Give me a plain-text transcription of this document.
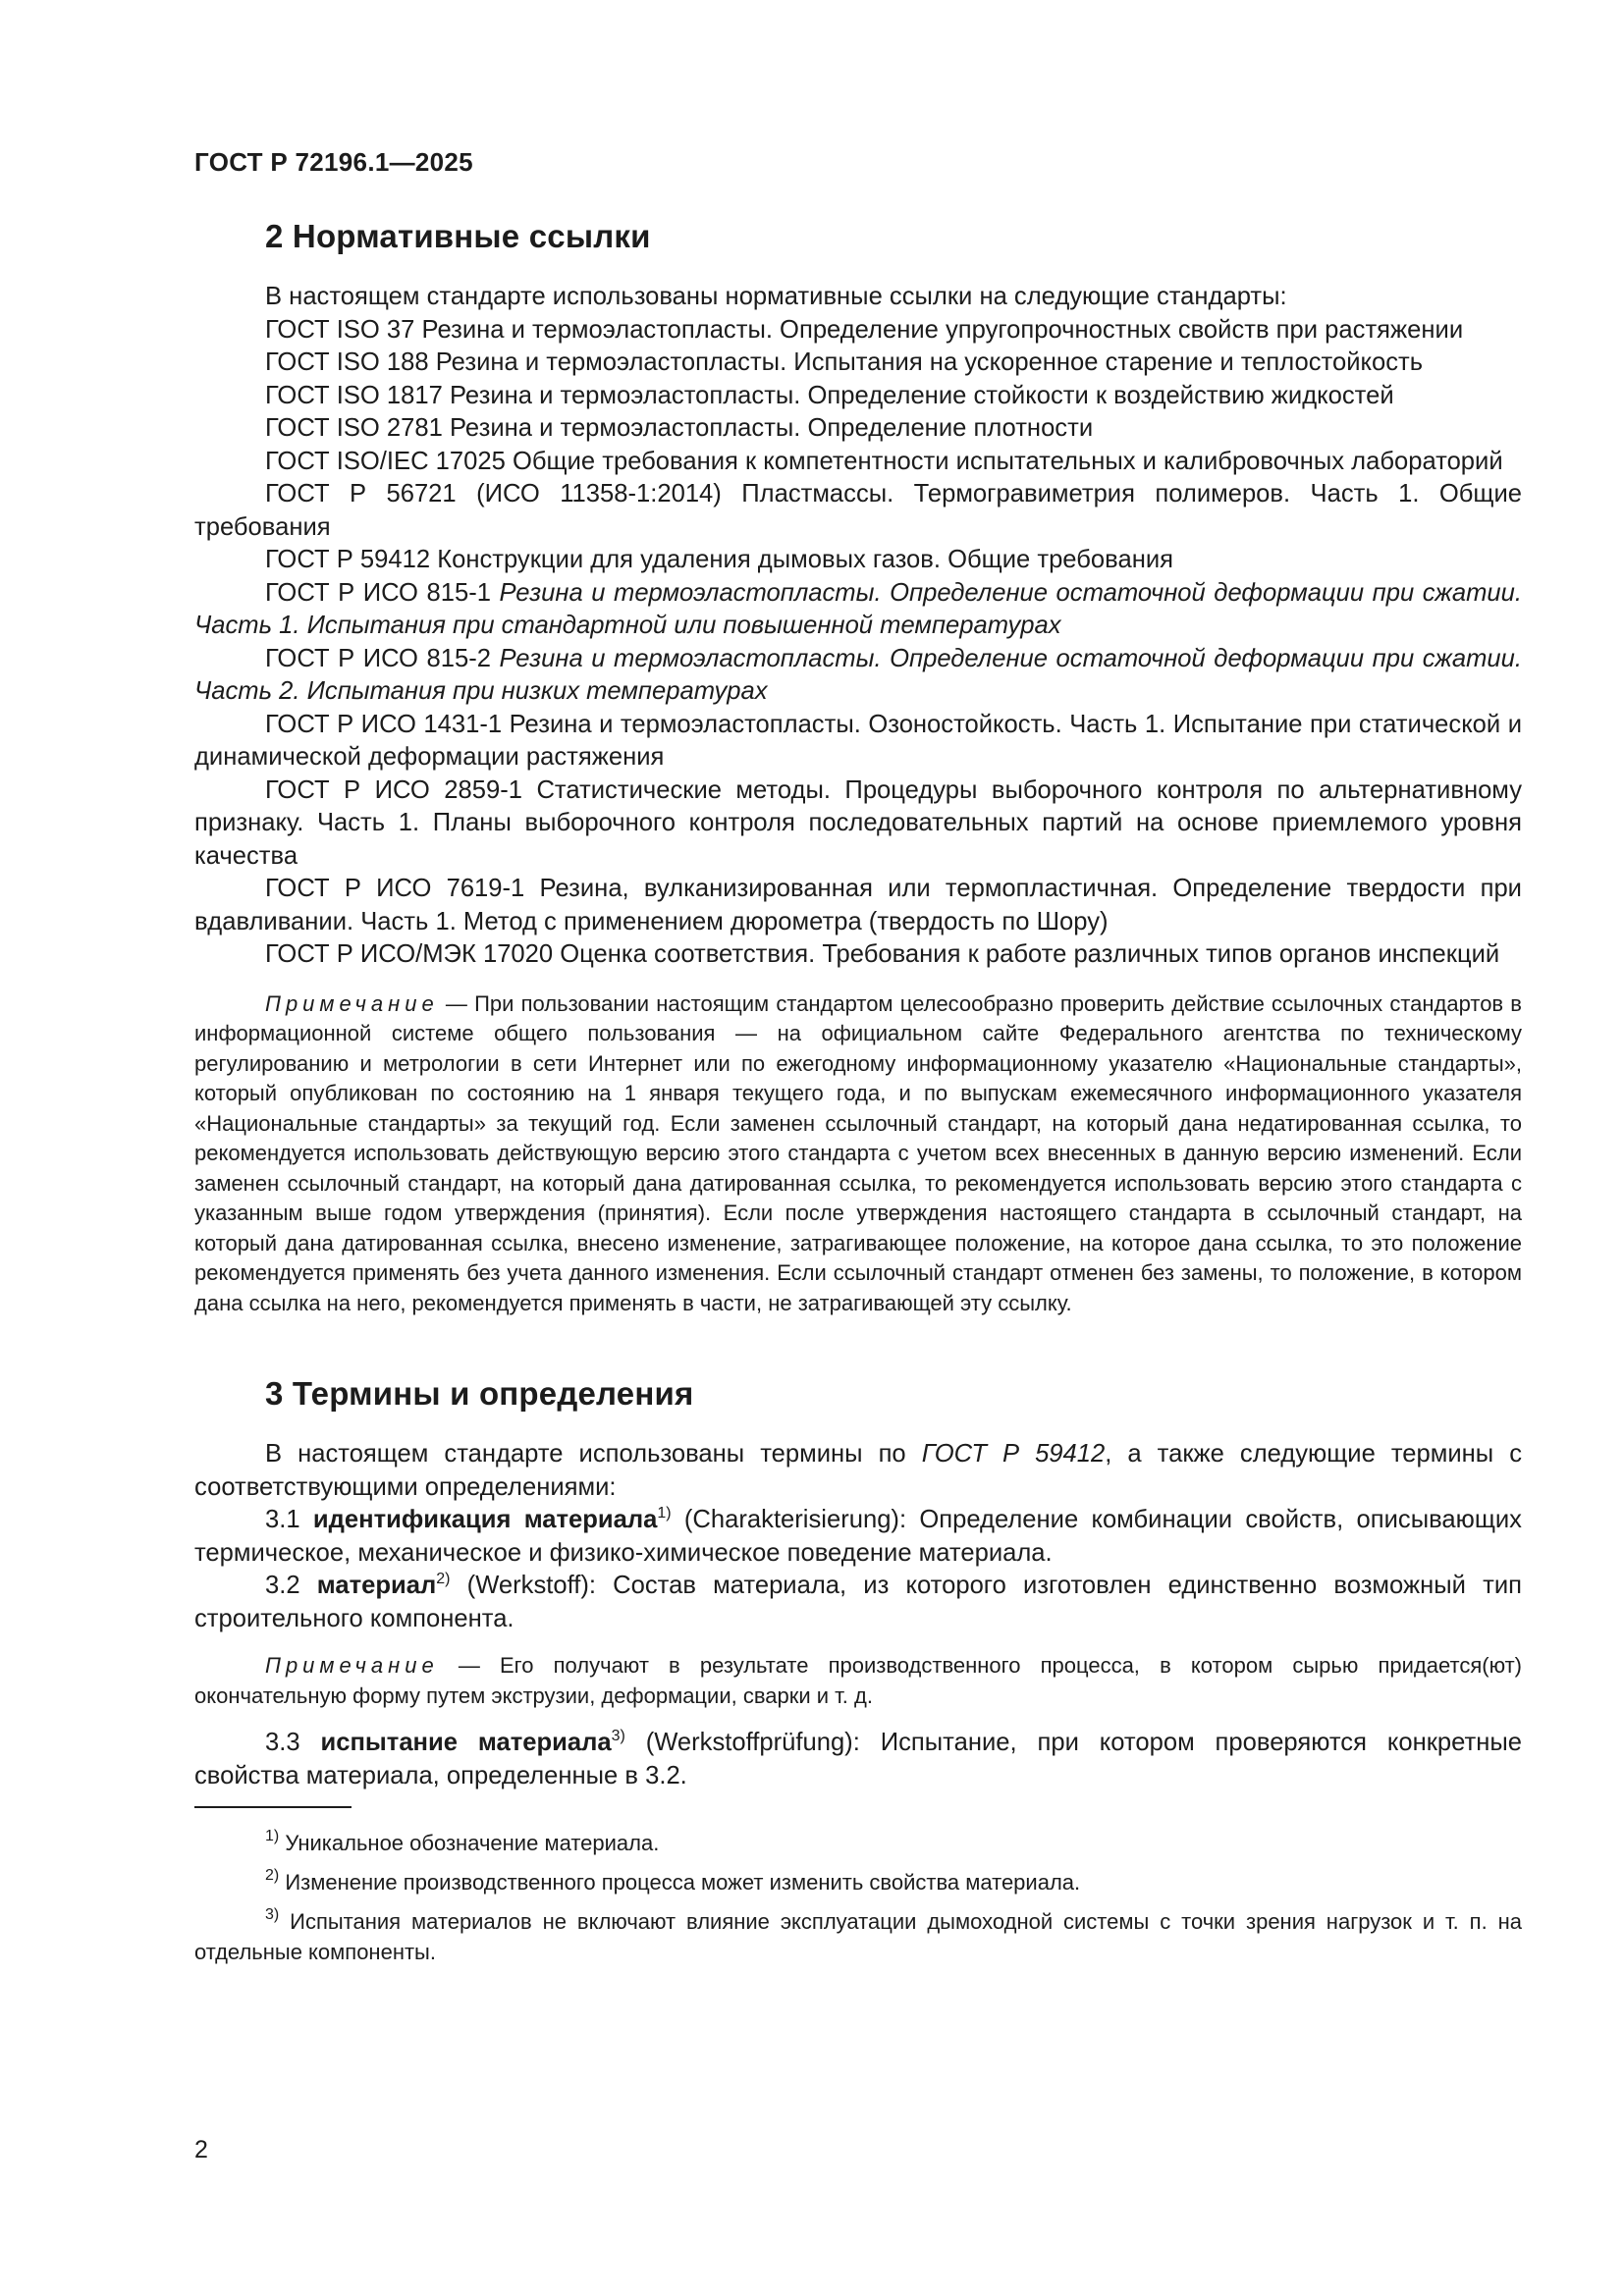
ГОСТ Р 72196.1—2025
2 Нормативные ссылки

В настоящем стандарте использованы нормативные ссылки на следующие стандарты:

ГОСТ ISO 37 Резина и термоэластопласты. Определение упругопрочностных свойств при растяжении

ГОСТ ISO 188 Резина и термоэластопласты. Испытания на ускоренное старение и теплостойкость

ГОСТ ISO 1817 Резина и термоэластопласты. Определение стойкости к воздействию жидкостей

ГОСТ ISO 2781 Резина и термоэластопласты. Определение плотности

ГОСТ ISO/IEC 17025 Общие требования к компетентности испытательных и калибровочных лабораторий

ГОСТ Р 56721 (ИСО 11358-1:2014) Пластмассы. Термогравиметрия полимеров. Часть 1. Общие требования

ГОСТ Р 59412 Конструкции для удаления дымовых газов. Общие требования

ГОСТ Р ИСО 815-1 Резина и термоэластопласты. Определение остаточной деформации при сжатии. Часть 1. Испытания при стандартной или повышенной температурах

ГОСТ Р ИСО 815-2 Резина и термоэластопласты. Определение остаточной деформации при сжатии. Часть 2. Испытания при низких температурах

ГОСТ Р ИСО 1431-1 Резина и термоэластопласты. Озоностойкость. Часть 1. Испытание при статической и динамической деформации растяжения

ГОСТ Р ИСО 2859-1 Статистические методы. Процедуры выборочного контроля по альтернативному признаку. Часть 1. Планы выборочного контроля последовательных партий на основе приемлемого уровня качества

ГОСТ Р ИСО 7619-1 Резина, вулканизированная или термопластичная. Определение твердости при вдавливании. Часть 1. Метод с применением дюрометра (твердость по Шору)

ГОСТ Р ИСО/МЭК 17020 Оценка соответствия. Требования к работе различных типов органов инспекций

Примечание — При пользовании настоящим стандартом целесообразно проверить действие ссылочных стандартов в информационной системе общего пользования — на официальном сайте Федерального агентства по техническому регулированию и метрологии в сети Интернет или по ежегодному информационному указателю «Национальные стандарты», который опубликован по состоянию на 1 января текущего года, и по выпускам ежемесячного информационного указателя «Национальные стандарты» за текущий год. Если заменен ссылочный стандарт, на который дана недатированная ссылка, то рекомендуется использовать действующую версию этого стандарта с учетом всех внесенных в данную версию изменений. Если заменен ссылочный стандарт, на который дана датированная ссылка, то рекомендуется использовать версию этого стандарта с указанным выше годом утверждения (принятия). Если после утверждения настоящего стандарта в ссылочный стандарт, на который дана датированная ссылка, внесено изменение, затрагивающее положение, на которое дана ссылка, то это положение рекомендуется применять без учета данного изменения. Если ссылочный стандарт отменен без замены, то положение, в котором дана ссылка на него, рекомендуется применять в части, не затрагивающей эту ссылку.

3 Термины и определения

В настоящем стандарте использованы термины по ГОСТ Р 59412, а также следующие термины с соответствующими определениями:

3.1 идентификация материала$^{1)}$ (Charakterisierung): Определение комбинации свойств, описывающих термическое, механическое и физико-химическое поведение материала.

3.2 материал$^{2)}$ (Werkstoff): Состав материала, из которого изготовлен единственно возможный тип строительного компонента.

Примечание — Его получают в результате производственного процесса, в котором сырью придается(ют) окончательную форму путем экструзии, деформации, сварки и т. д.

3.3 испытание материала$^{3)}$ (Werkstoffprüfung): Испытание, при котором проверяются конкретные свойства материала, определенные в 3.2.

$^{1)}$ Уникальное обозначение материала.
$^{2)}$ Изменение производственного процесса может изменить свойства материала.
$^{3)}$ Испытания материалов не включают влияние эксплуатации дымоходной системы с точки зрения нагрузок и т. п. на отдельные компоненты.
2
